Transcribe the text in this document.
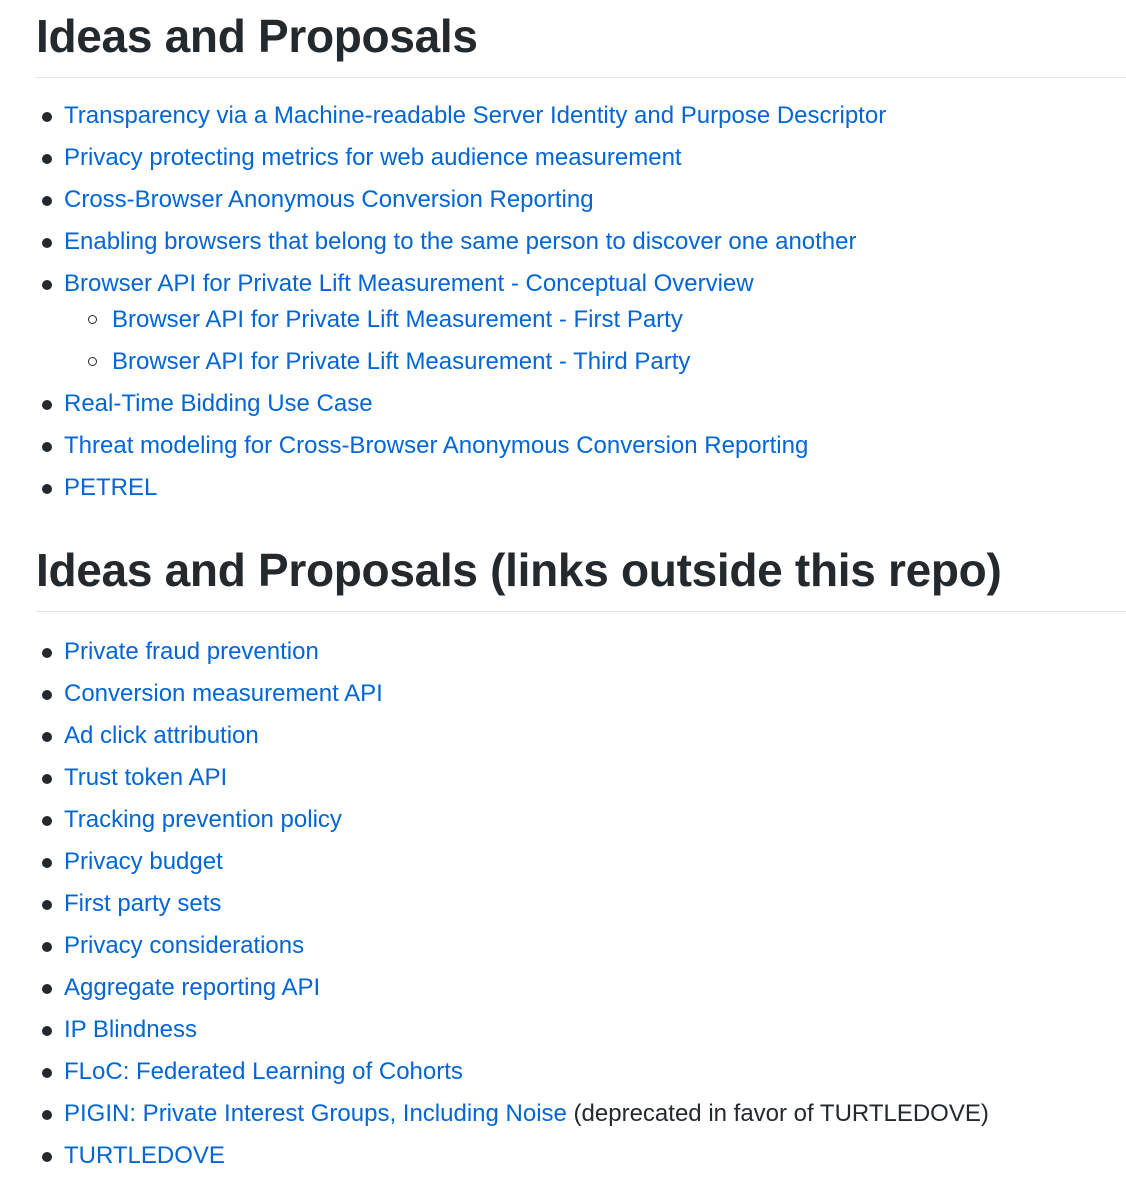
Ideas and Proposals
Transparency via a Machine-readable Server Identity and Purpose Descriptor
Privacy protecting metrics for web audience measurement
Cross-Browser Anonymous Conversion Reporting
Enabling browsers that belong to the same person to discover one another
Browser API for Private Lift Measurement - Conceptual Overview
Browser API for Private Lift Measurement - First Party
Browser API for Private Lift Measurement - Third Party
Real-Time Bidding Use Case
Threat modeling for Cross-Browser Anonymous Conversion Reporting
PETREL
Ideas and Proposals (links outside this repo)
Private fraud prevention
Conversion measurement API
Ad click attribution
Trust token API
Tracking prevention policy
Privacy budget
First party sets
Privacy considerations
Aggregate reporting API
IP Blindness
FLoC: Federated Learning of Cohorts
PIGIN: Private Interest Groups, Including Noise (deprecated in favor of TURTLEDOVE)
TURTLEDOVE
